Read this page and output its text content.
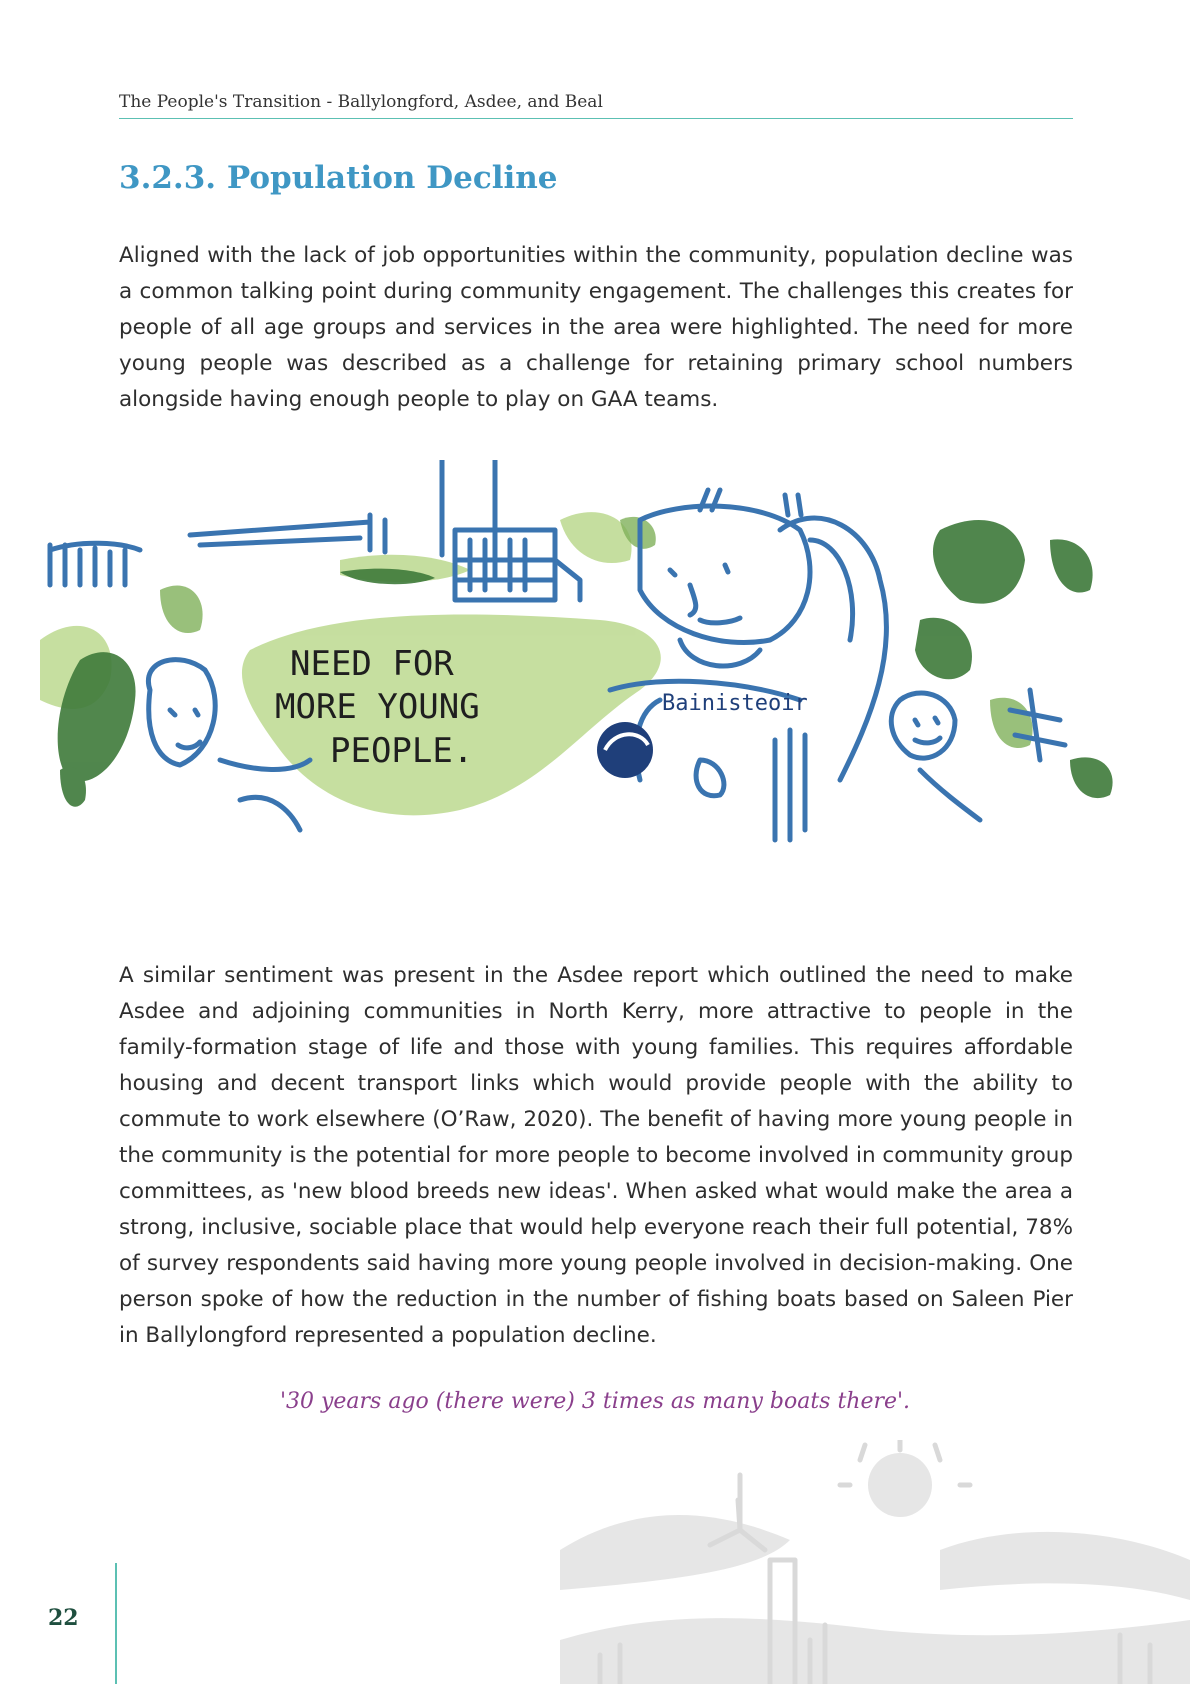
The People's Transition - Ballylongford, Asdee, and Beal
3.2.3. Population Decline

Aligned with the lack of job opportunities within the community, population decline was a common talking point during community engagement. The challenges this creates for people of all age groups and services in the area were highlighted. The need for more young people was described as a challenge for retaining primary school numbers alongside having enough people to play on GAA teams.

NEED FOR
MORE YOUNG
PEOPLE.
Bainisteoir

A similar sentiment was present in the Asdee report which outlined the need to make Asdee and adjoining communities in North Kerry, more attractive to people in the family-formation stage of life and those with young families. This requires affordable housing and decent transport links which would provide people with the ability to commute to work elsewhere (O’Raw, 2020). The benefit of having more young people in the community is the potential for more people to become involved in community group committees, as 'new blood breeds new ideas'. When asked what would make the area a strong, inclusive, sociable place that would help everyone reach their full potential, 78% of survey respondents said having more young people involved in decision-making. One person spoke of how the reduction in the number of fishing boats based on Saleen Pier in Ballylongford represented a population decline.

'30 years ago (there were) 3 times as many boats there'.

22
